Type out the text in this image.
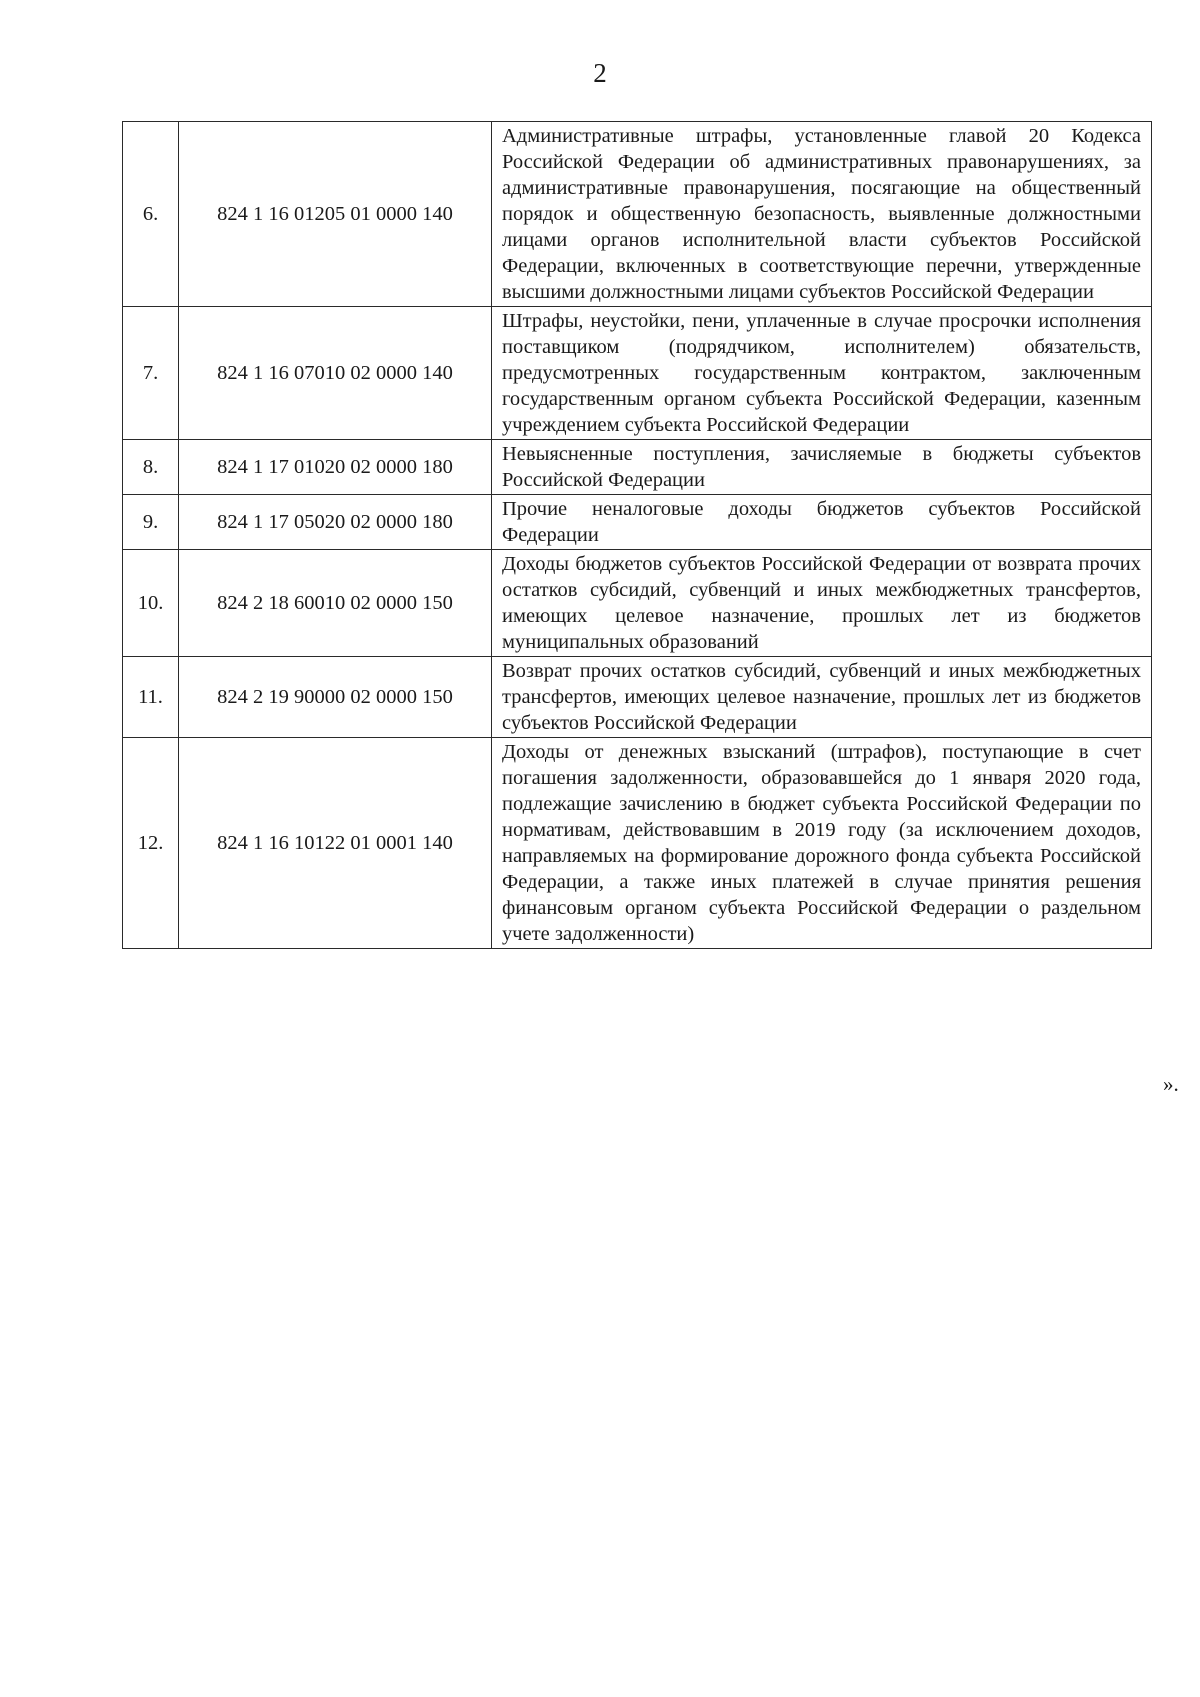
2
6.	824 1 16 01205 01 0000 140	Административные штрафы, установленные главой 20 Кодекса Российской Федерации об административных правонарушениях, за административные правонарушения, посягающие на общественный порядок и общественную безопасность, выявленные должностными лицами органов исполнительной власти субъектов Российской Федерации, включенных в соответствующие перечни, утвержденные высшими должностными лицами субъектов Российской Федерации
7.	824 1 16 07010 02 0000 140	Штрафы, неустойки, пени, уплаченные в случае просрочки исполнения поставщиком (подрядчиком, исполнителем) обязательств, предусмотренных государственным контрактом, заключенным государственным органом субъекта Российской Федерации, казенным учреждением субъекта Российской Федерации
8.	824 1 17 01020 02 0000 180	Невыясненные поступления, зачисляемые в бюджеты субъектов Российской Федерации
9.	824 1 17 05020 02 0000 180	Прочие неналоговые доходы бюджетов субъектов Российской Федерации
10.	824 2 18 60010 02 0000 150	Доходы бюджетов субъектов Российской Федерации от возврата прочих остатков субсидий, субвенций и иных межбюджетных трансфертов, имеющих целевое назначение, прошлых лет из бюджетов муниципальных образований
11.	824 2 19 90000 02 0000 150	Возврат прочих остатков субсидий, субвенций и иных межбюджетных трансфертов, имеющих целевое назначение, прошлых лет из бюджетов субъектов Российской Федерации
12.	824 1 16 10122 01 0001 140	Доходы от денежных взысканий (штрафов), поступающие в счет погашения задолженности, образовавшейся до 1 января 2020 года, подлежащие зачислению в бюджет субъекта Российской Федерации по нормативам, действовавшим в 2019 году (за исключением доходов, направляемых на формирование дорожного фонда субъекта Российской Федерации, а также иных платежей в случае принятия решения финансовым органом субъекта Российской Федерации о раздельном учете задолженности)
».
